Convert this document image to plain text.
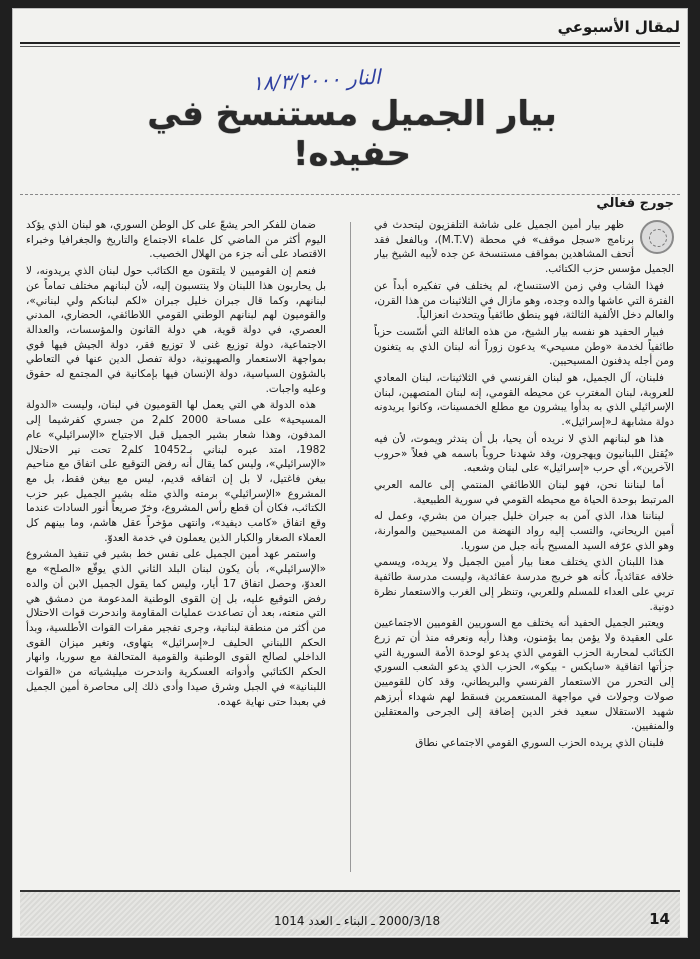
لمقال الأسبوعي
النار ١٨/٣/٢٠٠٠
بيار الجميل مستنسخ في حفيده!
جورج فغالي

ظهر بيار أمين الجميل على شاشة التلفزيون ليتحدث في برنامج «سجل موقف» في محطة (M.T.V)، وبالفعل فقد أتحف المشاهدين بمواقف مستنسخة عن جده لأبيه الشيخ بيار الجميل مؤسس حزب الكتائب.

فهذا الشاب وفي زمن الاستنساخ، لم يختلف في تفكيره أبداً عن الفترة التي عاشها والده وجده، وهو مازال في الثلاثينات من هذا القرن، والعالم دخل الألفية الثالثة، فهو ينطق طائفياً ويتحدث انعزالياً.

فبيار الحفيد هو نفسه بيار الشيخ، من هذه العائلة التي أسّست حزباً طائفياً لخدمة «وطن مسيحي» يدعون زوراً أنه لبنان الذي به يتغنون ومن أجله يدفنون المسيحيين.

فلبنان، آل الجميل، هو لبنان الفرنسي في الثلاثينات، لبنان المعادي للعروبة، لبنان المغترب عن محيطه القومي، إنه لبنان المتصهين، لبنان الإسرائيلي الذي به بدأوا يبشرون مع مطلع الخمسينات، وكانوا يريدونه دولة مشابهة لـ«إسرائيل».

هذا هو لبنانهم الذي لا نريده أن يحيا، بل أن يندثر ويموت، لأن فيه «يُقتل اللبنانيون ويهجرون، وقد شهدنا حروباً باسمه هي فعلاً «حروب الآخرين»، أي حرب «إسرائيل» على لبنان وشعبه.

أما لبناننا نحن، فهو لبنان اللاطائفي المنتمي إلى عالمه العربي المرتبط بوحدة الحياة مع محيطه القومي في سورية الطبيعية.

لبناننا هذا، الذي آمن به جبران خليل جبران من بشري، وعمل له أمين الريحاني، والتسب إليه رواد النهضة من المسيحيين والموارنة، وهو الذي عرّفه السيد المسيح بأنه جبل من سوريا.

هذا اللبنان الذي يختلف معنا بيار أمين الجميل ولا يريده، ويسمي خلافه عقائدياً، كأنه هو خريج مدرسة عقائدية، وليست مدرسة طائفية تربي على العداء للمسلم وللعربي، وتنظر إلى الغرب والاستعمار نظرة دونية.

ويعتبر الجميل الحفيد أنه يختلف مع السوريين القوميين الاجتماعيين على العقيدة ولا يؤمن بما يؤمنون، وهذا رأيه ونعرفه منذ أن تم زرع الكتائب لمحاربة الحزب القومي الذي يدعو لوحدة الأمة السورية التي جزأتها اتفاقية «سايكس - بيكو»، الحزب الذي يدعو الشعب السوري إلى التحرر من الاستعمار الفرنسي والبريطاني، وقد كان للقوميين صولات وجولات في مواجهة المستعمرين فسقط لهم شهداء أبرزهم شهيد الاستقلال سعيد فخر الدين إضافة إلى الجرحى والمعتقلين والمنفيين.

فلبنان الذي يريده الحزب السوري القومي الاجتماعي نطاق

ضمان للفكر الحر يشعّ على كل الوطن السوري، هو لبنان الذي يؤكد اليوم أكثر من الماضي كل علماء الاجتماع والتاريخ والجغرافيا وخبراء الاقتصاد على أنه جزء من الهلال الخصيب.

فنعم إن القوميين لا يلتقون مع الكتائب حول لبنان الذي يريدونه، لا بل يحاربون هذا اللبنان ولا ينتسبون إليه، لأن لبنانهم مختلف تماماً عن لبنانهم، وكما قال جبران خليل جبران «لكم لبنانكم ولي لبناني»، والقوميون لهم لبنانهم الوطني القومي اللاطائفي، الحضاري، المدني العصري، في دولة قوية، هي دولة القانون والمؤسسات، والعدالة الاجتماعية، دولة توزيع غنى لا توزيع فقر، دولة الجيش فيها قوي بمواجهة الاستعمار والصهيونية، دولة تفصل الدين عنها في التعاطي بالشؤون السياسية، دولة الإنسان فيها بإمكانية في المجتمع له حقوق وعليه واجبات.

هذه الدولة هي التي يعمل لها القوميون في لبنان، وليست «الدولة المسيحية» على مساحة 2000 كلم2 من جسري كفرشيما إلى المدفون، وهذا شعار بشير الجميل قبل الاجتياح «الإسرائيلي» عام 1982، امتد عبره لبناني بـ10452 كلم2 تحت نير الاحتلال «الإسرائيلي»، وليس كما يقال أنه رفض التوقيع على اتفاق مع مناحيم بيغن فاغتيل، لا بل إن اتفاقه قديم، ليس مع بيغن فقط، بل مع المشروع «الإسرائيلي» برمته والذي مثله بشير الجميل عبر حزب الكتائب، فكان أن قطع رأس المشروع، وخرّ صريعاً أنور السادات عندما وقع اتفاق «كامب ديفيد»، وانتهى مؤخراً عقل هاشم، وما بينهم كل العملاء الصغار والكبار الذين يعملون في خدمة العدوّ.

واستمر عهد أمين الجميل على نفس خط بشير في تنفيذ المشروع «الإسرائيلي»، بأن يكون لبنان البلد الثاني الذي يوقّع «الصلح» مع العدوّ، وحصل اتفاق 17 أيار، وليس كما يقول الجميل الابن أن والده رفض التوقيع عليه، بل إن القوى الوطنية المدعومة من دمشق هي التي منعته، بعد أن تصاعدت عمليات المقاومة واندحرت قوات الاحتلال من أكثر من منطقة لبنانية، وجرى تفجير مقرات القوات الأطلسية، وبدأ الحكم اللبناني الحليف لـ«إسرائيل» يتهاوى، وتغير ميزان القوى الداخلي لصالح القوى الوطنية والقومية المتحالفة مع سوريا، وانهار الحكم الكتائبي وأدواته العسكرية واندحرت ميليشياته من «القوات اللبنانية» في الجبل وشرق صيدا وأدى ذلك إلى محاصرة أمين الجميل في بعبدا حتى نهاية عهده.

2000/3/18 ـ البناء ـ العدد 1014	14
